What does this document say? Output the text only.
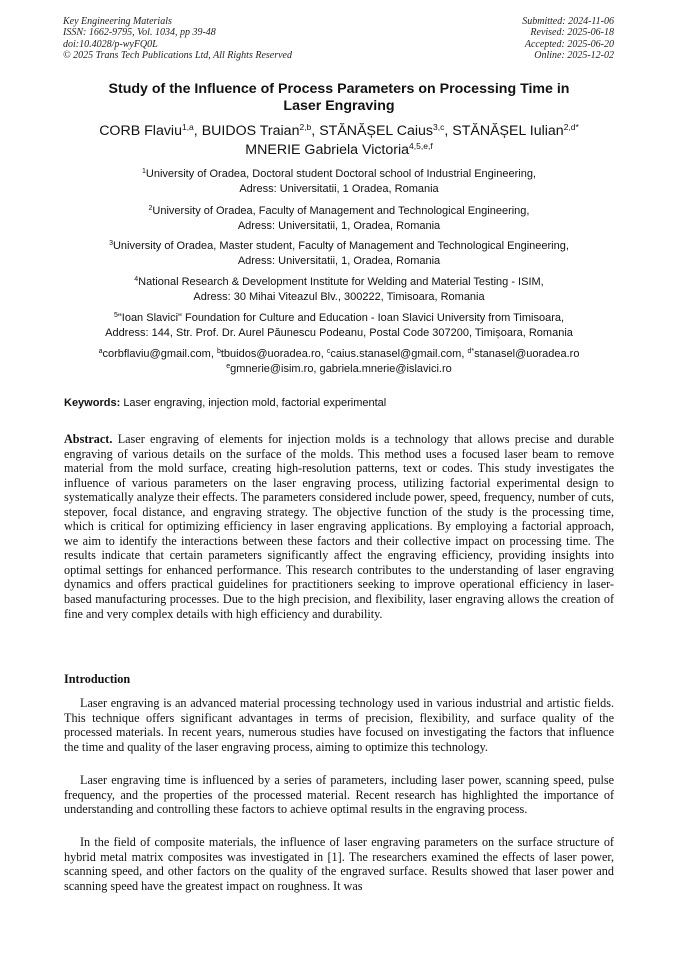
Key Engineering Materials
ISSN: 1662-9795, Vol. 1034, pp 39-48
doi:10.4028/p-wyFQ0L
© 2025 Trans Tech Publications Ltd, All Rights Reserved
Submitted: 2024-11-06
Revised: 2025-06-18
Accepted: 2025-06-20
Online: 2025-12-02
Study of the Influence of Process Parameters on Processing Time in
Laser Engraving
CORB Flaviu$^{1,a}$, BUIDOS Traian$^{2,b}$, STĂNĂȘEL Caius$^{3,c}$, STĂNĂȘEL Iulian$^{2,d*}$
MNERIE Gabriela Victoria$^{4,5,e,f}$
$^1$University of Oradea, Doctoral student Doctoral school of Industrial Engineering,
Adress: Universitatii, 1 Oradea, Romania
$^2$University of Oradea, Faculty of Management and Technological Engineering,
Adress: Universitatii, 1, Oradea, Romania
$^3$University of Oradea, Master student, Faculty of Management and Technological Engineering,
Adress: Universitatii, 1, Oradea, Romania
$^4$National Research & Development Institute for Welding and Material Testing - ISIM,
Adress: 30 Mihai Viteazul Blv., 300222, Timisoara, Romania
$^5$"Ioan Slavici" Foundation for Culture and Education - Ioan Slavici University from Timisoara,
Address: 144, Str. Prof. Dr. Aurel Păunescu Podeanu, Postal Code 307200, Timișoara, Romania
$^a$corbflaviu@gmail.com, $^b$tbuidos@uoradea.ro, $^c$caius.stanasel@gmail.com, $^{d*}$stanasel@uoradea.ro
$^e$gmnerie@isim.ro, gabriela.mnerie@islavici.ro
Keywords: Laser engraving, injection mold, factorial experimental
Abstract. Laser engraving of elements for injection molds is a technology that allows precise and durable engraving of various details on the surface of the molds. This method uses a focused laser beam to remove material from the mold surface, creating high-resolution patterns, text or codes. This study investigates the influence of various parameters on the laser engraving process, utilizing factorial experimental design to systematically analyze their effects. The parameters considered include power, speed, frequency, number of cuts, stepover, focal distance, and engraving strategy. The objective function of the study is the processing time, which is critical for optimizing efficiency in laser engraving applications. By employing a factorial approach, we aim to identify the interactions between these factors and their collective impact on processing time. The results indicate that certain parameters significantly affect the engraving efficiency, providing insights into optimal settings for enhanced performance. This research contributes to the understanding of laser engraving dynamics and offers practical guidelines for practitioners seeking to improve operational efficiency in laser-based manufacturing processes. Due to the high precision, and flexibility, laser engraving allows the creation of fine and very complex details with high efficiency and durability.
Introduction

Laser engraving is an advanced material processing technology used in various industrial and artistic fields. This technique offers significant advantages in terms of precision, flexibility, and surface quality of the processed materials. In recent years, numerous studies have focused on investigating the factors that influence the time and quality of the laser engraving process, aiming to optimize this technology.

Laser engraving time is influenced by a series of parameters, including laser power, scanning speed, pulse frequency, and the properties of the processed material. Recent research has highlighted the importance of understanding and controlling these factors to achieve optimal results in the engraving process.

In the field of composite materials, the influence of laser engraving parameters on the surface structure of hybrid metal matrix composites was investigated in [1]. The researchers examined the effects of laser power, scanning speed, and other factors on the quality of the engraved surface. Results showed that laser power and scanning speed have the greatest impact on roughness. It was
